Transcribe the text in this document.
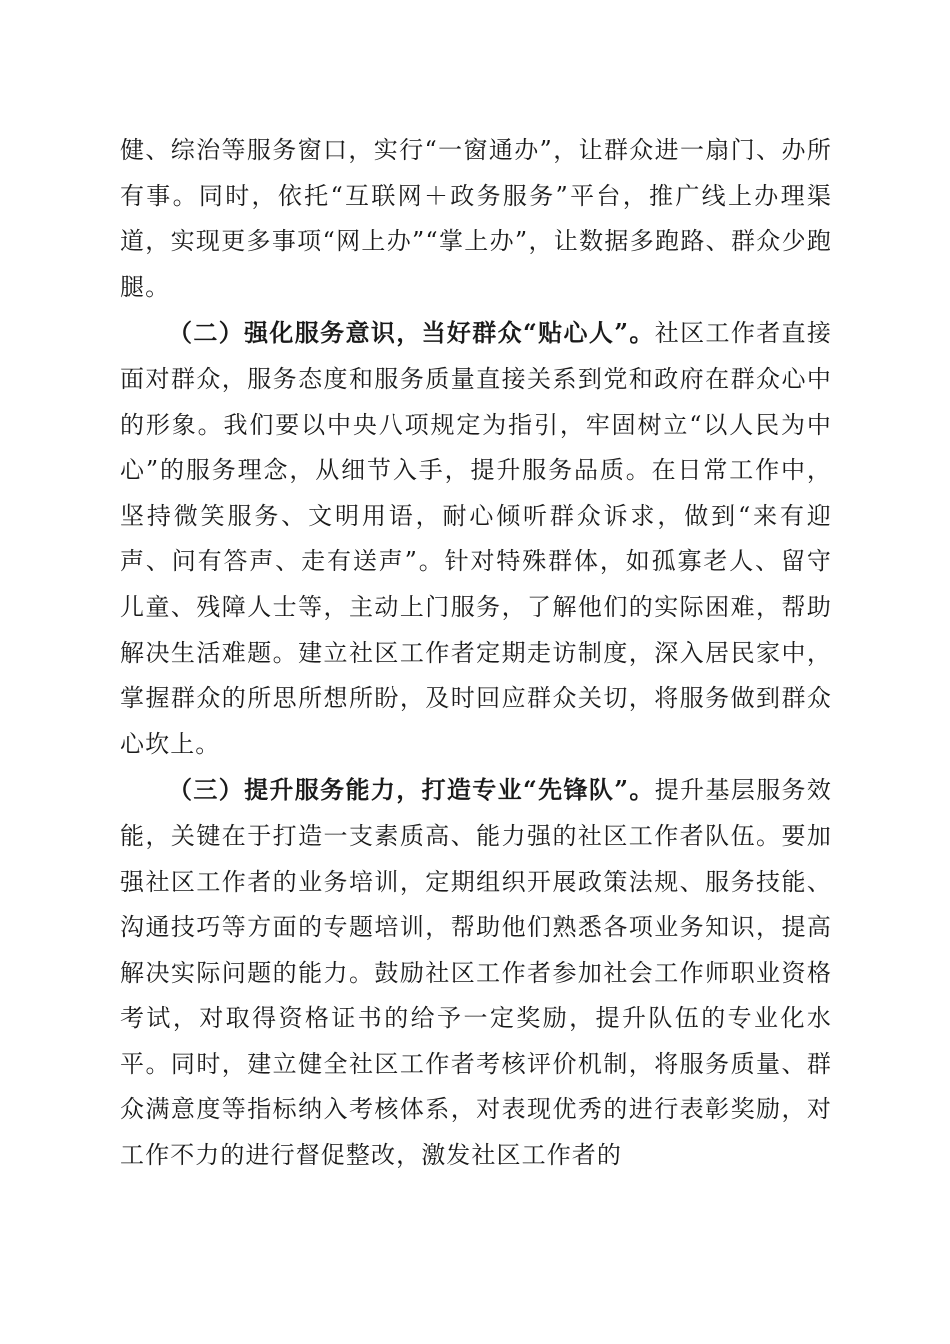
健、综治等服务窗口，实行“一窗通办”，让群众进一扇门、办所有事。同时，依托“互联网＋政务服务”平台，推广线上办理渠道，实现更多事项“网上办”“掌上办”，让数据多跑路、群众少跑腿。

（二）强化服务意识，当好群众“贴心人”。社区工作者直接面对群众，服务态度和服务质量直接关系到党和政府在群众心中的形象。我们要以中央八项规定为指引，牢固树立“以人民为中心”的服务理念，从细节入手，提升服务品质。在日常工作中，坚持微笑服务、文明用语，耐心倾听群众诉求，做到“来有迎声、问有答声、走有送声”。针对特殊群体，如孤寡老人、留守儿童、残障人士等，主动上门服务，了解他们的实际困难，帮助解决生活难题。建立社区工作者定期走访制度，深入居民家中，掌握群众的所思所想所盼，及时回应群众关切，将服务做到群众心坎上。

（三）提升服务能力，打造专业“先锋队”。提升基层服务效能，关键在于打造一支素质高、能力强的社区工作者队伍。要加强社区工作者的业务培训，定期组织开展政策法规、服务技能、沟通技巧等方面的专题培训，帮助他们熟悉各项业务知识，提高解决实际问题的能力。鼓励社区工作者参加社会工作师职业资格考试，对取得资格证书的给予一定奖励，提升队伍的专业化水平。同时，建立健全社区工作者考核评价机制，将服务质量、群众满意度等指标纳入考核体系，对表现优秀的进行表彰奖励，对工作不力的进行督促整改，激发社区工作者的
